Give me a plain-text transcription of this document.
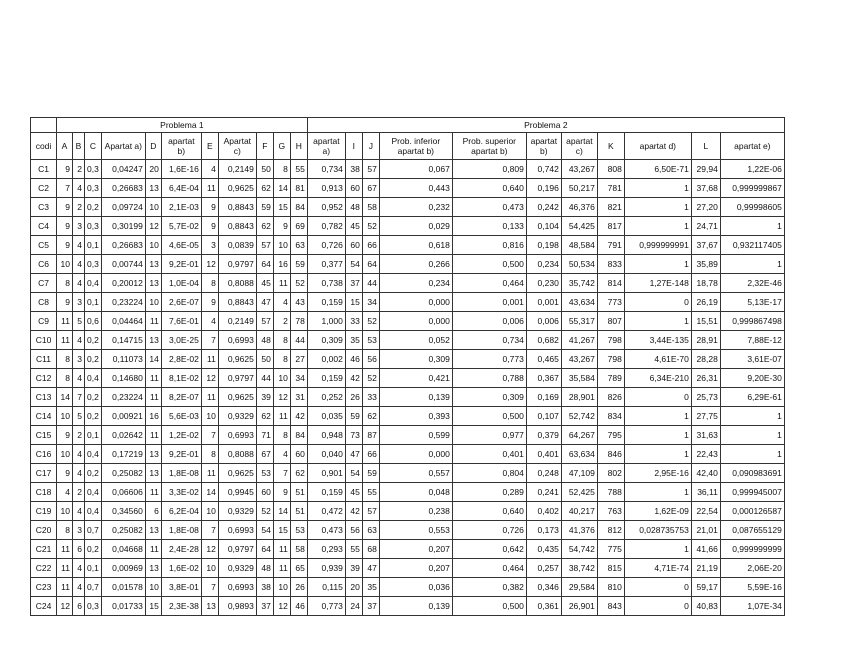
	Problema 1											Problema 2										
codi	A	B	C	Apartat a)	D	apartat b)	E	Apartat c)	F	G	H	apartat a)	I	J	Prob. inferior apartat b)	Prob. superior apartat b)	apartat b)	apartat c)	K	apartat d)	L	apartat e)
C1	9	2	0,3	0,04247	20	1,6E-16	4	0,2149	50	8	55	0,734	38	57	0,067	0,809	0,742	43,267	808	6,50E-71	29,94	1,22E-06
C2	7	4	0,3	0,26683	13	6,4E-04	11	0,9625	62	14	81	0,913	60	67	0,443	0,640	0,196	50,217	781	1	37,68	0,999999867
C3	9	2	0,2	0,09724	10	2,1E-03	9	0,8843	59	15	84	0,952	48	58	0,232	0,473	0,242	46,376	821	1	27,20	0,99998605
C4	9	3	0,3	0,30199	12	5,7E-02	9	0,8843	62	9	69	0,782	45	52	0,029	0,133	0,104	54,425	817	1	24,71	1
C5	9	4	0,1	0,26683	10	4,6E-05	3	0,0839	57	10	63	0,726	60	66	0,618	0,816	0,198	48,584	791	0,999999991	37,67	0,932117405
C6	10	4	0,3	0,00744	13	9,2E-01	12	0,9797	64	16	59	0,377	54	64	0,266	0,500	0,234	50,534	833	1	35,89	1
C7	8	4	0,4	0,20012	13	1,0E-04	8	0,8088	45	11	52	0,738	37	44	0,234	0,464	0,230	35,742	814	1,27E-148	18,78	2,32E-46
C8	9	3	0,1	0,23224	10	2,6E-07	9	0,8843	47	4	43	0,159	15	34	0,000	0,001	0,001	43,634	773	0	26,19	5,13E-17
C9	11	5	0,6	0,04464	11	7,6E-01	4	0,2149	57	2	78	1,000	33	52	0,000	0,006	0,006	55,317	807	1	15,51	0,999867498
C10	11	4	0,2	0,14715	13	3,0E-25	7	0,6993	48	8	44	0,309	35	53	0,052	0,734	0,682	41,267	798	3,44E-135	28,91	7,88E-12
C11	8	3	0,2	0,11073	14	2,8E-02	11	0,9625	50	8	27	0,002	46	56	0,309	0,773	0,465	43,267	798	4,61E-70	28,28	3,61E-07
C12	8	4	0,4	0,14680	11	8,1E-02	12	0,9797	44	10	34	0,159	42	52	0,421	0,788	0,367	35,584	789	6,34E-210	26,31	9,20E-30
C13	14	7	0,2	0,23224	11	8,2E-07	11	0,9625	39	12	31	0,252	26	33	0,139	0,309	0,169	28,901	826	0	25,73	6,29E-61
C14	10	5	0,2	0,00921	16	5,6E-03	10	0,9329	62	11	42	0,035	59	62	0,393	0,500	0,107	52,742	834	1	27,75	1
C15	9	2	0,1	0,02642	11	1,2E-02	7	0,6993	71	8	84	0,948	73	87	0,599	0,977	0,379	64,267	795	1	31,63	1
C16	10	4	0,4	0,17219	13	9,2E-01	8	0,8088	67	4	60	0,040	47	66	0,000	0,401	0,401	63,634	846	1	22,43	1
C17	9	4	0,2	0,25082	13	1,8E-08	11	0,9625	53	7	62	0,901	54	59	0,557	0,804	0,248	47,109	802	2,95E-16	42,40	0,090983691
C18	4	2	0,4	0,06606	11	3,3E-02	14	0,9945	60	9	51	0,159	45	55	0,048	0,289	0,241	52,425	788	1	36,11	0,999945007
C19	10	4	0,4	0,34560	6	6,2E-04	10	0,9329	52	14	51	0,472	42	57	0,238	0,640	0,402	40,217	763	1,62E-09	22,54	0,000126587
C20	8	3	0,7	0,25082	13	1,8E-08	7	0,6993	54	15	53	0,473	56	63	0,553	0,726	0,173	41,376	812	0,028735753	21,01	0,087655129
C21	11	6	0,2	0,04668	11	2,4E-28	12	0,9797	64	11	58	0,293	55	68	0,207	0,642	0,435	54,742	775	1	41,66	0,999999999
C22	11	4	0,1	0,00969	13	1,6E-02	10	0,9329	48	11	65	0,939	39	47	0,207	0,464	0,257	38,742	815	4,71E-74	21,19	2,06E-20
C23	11	4	0,7	0,01578	10	3,8E-01	7	0,6993	38	10	26	0,115	20	35	0,036	0,382	0,346	29,584	810	0	59,17	5,59E-16
C24	12	6	0,3	0,01733	15	2,3E-38	13	0,9893	37	12	46	0,773	24	37	0,139	0,500	0,361	26,901	843	0	40,83	1,07E-34
